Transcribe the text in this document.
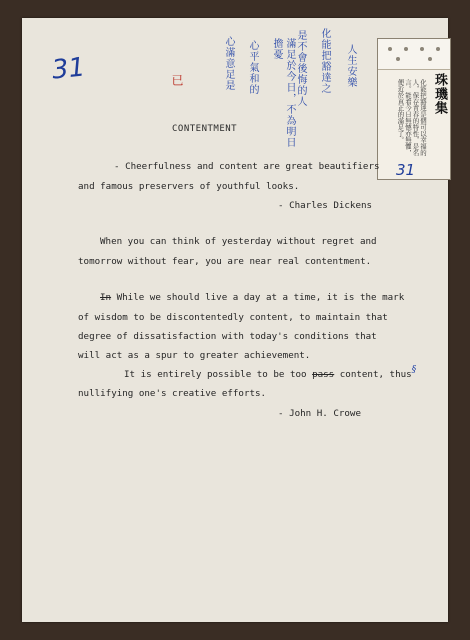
31	心滿意足是 心平氣和的	滿足於今日，不為明日擔憂	是不會後悔的人 化能把豁達之 人生安樂
已	珠璣集
化能把豁達是個可以幸福的人，保存青春的特性，是名言。能看今日無憾亦無懼，便近於真正的滿足了。
31
CONTENTMENT
- Cheerfulness and content are great beautifiers
and famous preservers of youthful looks.
- Charles Dickens
When you can think of yesterday without regret and
tomorrow without fear, you are near real contentment.
In While we should live a day at a time, it is the mark
of wisdom to be discontentedly content, to maintain that
degree of dissatisfaction with today's conditions that
will act as a spur to greater achievement.
It is entirely possible to be too pass content, thus§
nullifying one's creative efforts.
- John H. Crowe
